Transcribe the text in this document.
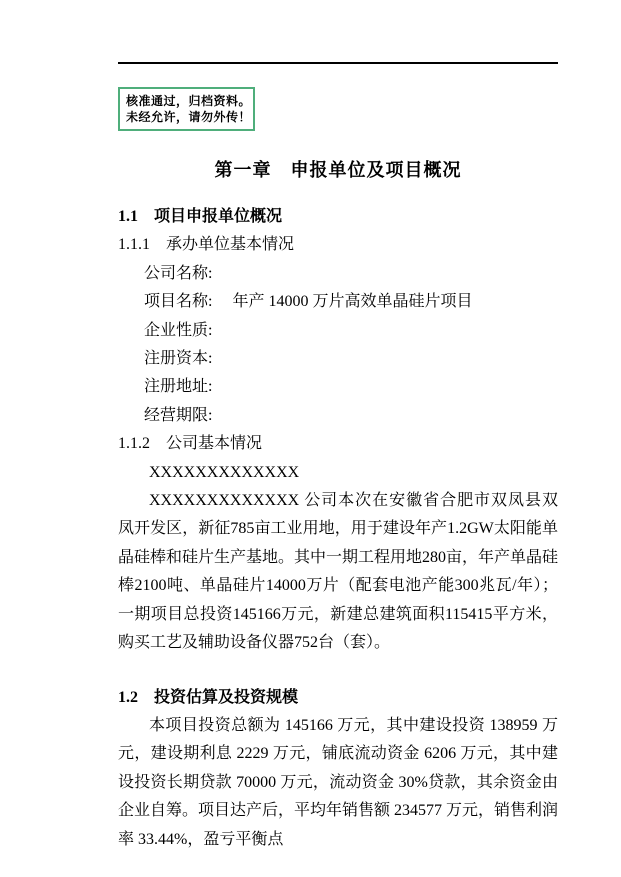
核准通过，归档资料。
未经允许，请勿外传！
第一章　申报单位及项目概况
1.1　项目申报单位概况
1.1.1　承办单位基本情况
公司名称:
项目名称:　 年产 14000 万片高效单晶硅片项目
企业性质:
注册资本:
注册地址:
经营期限:
1.1.2　公司基本情况

XXXXXXXXXXXXX

XXXXXXXXXXXXX 公司本次在安徽省合肥市双凤县双凤开发区，新征785亩工业用地，用于建设年产1.2GW太阳能单晶硅棒和硅片生产基地。其中一期工程用地280亩，年产单晶硅棒2100吨、单晶硅片14000万片（配套电池产能300兆瓦/年）；一期项目总投资145166万元，新建总建筑面积115415平方米，购买工艺及辅助设备仪器752台（套）。

1.2　投资估算及投资规模

本项目投资总额为 145166 万元，其中建设投资 138959 万元，建设期利息 2229 万元，铺底流动资金 6206 万元，其中建设投资长期贷款 70000 万元，流动资金 30%贷款，其余资金由企业自筹。项目达产后，平均年销售额 234577 万元，销售利润率 33.44%，盈亏平衡点
